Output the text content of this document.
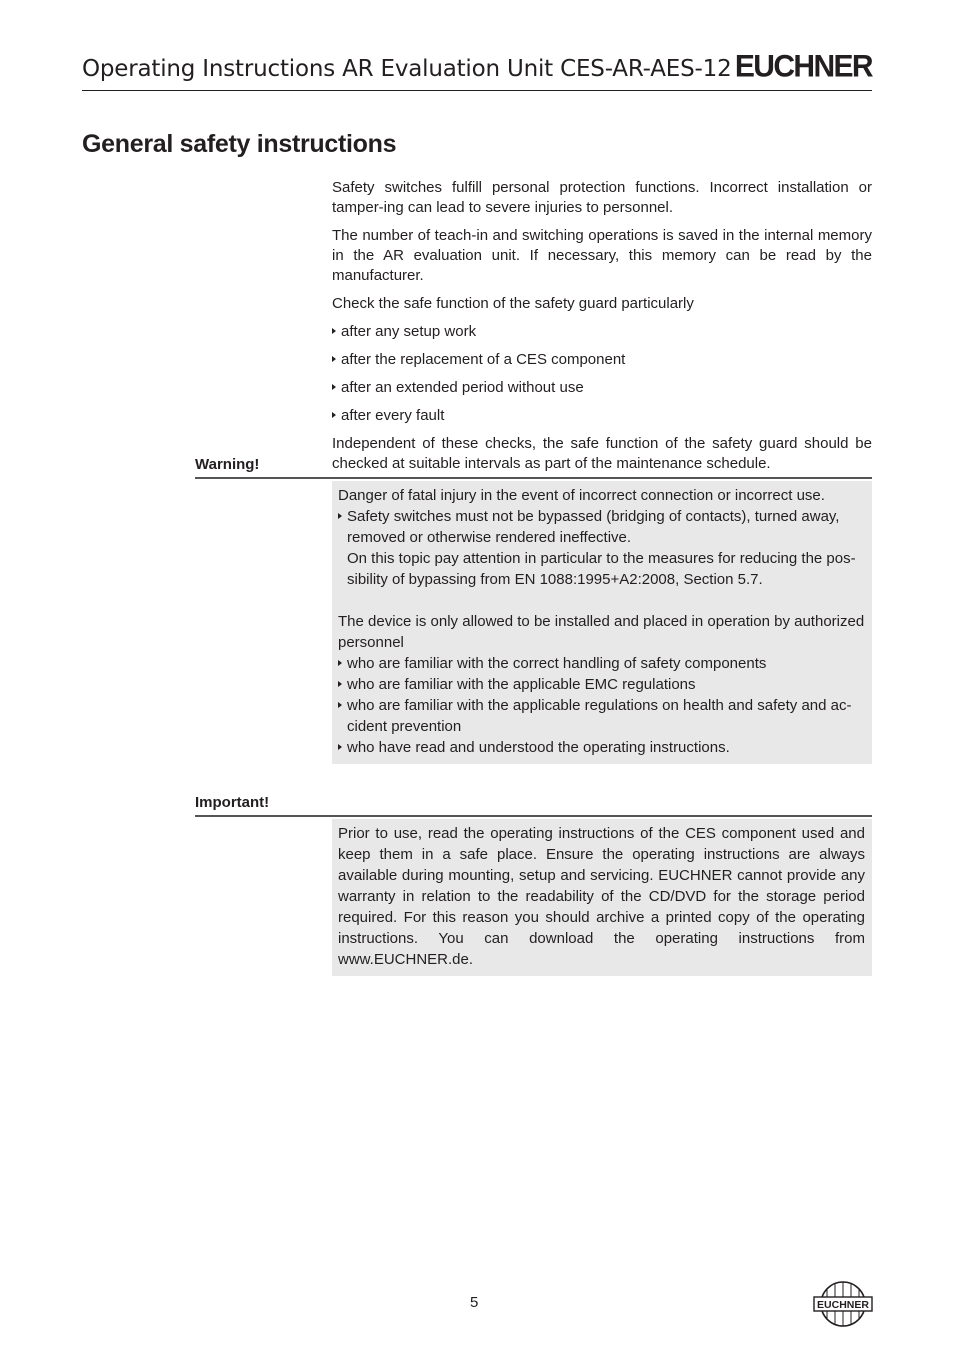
Operating Instructions AR Evaluation Unit CES-AR-AES-12 EUCHNER
General safety instructions

Safety switches fulfill personal protection functions. Incorrect installation or tamper-ing can lead to severe injuries to personnel.

The number of teach-in and switching operations is saved in the internal memory in the AR evaluation unit. If necessary, this memory can be read by the manufacturer.

Check the safe function of the safety guard particularly

after any setup work
after the replacement of a CES component
after an extended period without use
after every fault

Independent of these checks, the safe function of the safety guard should be checked at suitable intervals as part of the maintenance schedule.

Warning!
Danger of fatal injury in the event of incorrect connection or incorrect use.
Safety switches must not be bypassed (bridging of contacts), turned away, removed or otherwise rendered ineffective.
On this topic pay attention in particular to the measures for reducing the pos-sibility of bypassing from EN 1088:1995+A2:2008, Section 5.7.
The device is only allowed to be installed and placed in operation by authorized personnel
who are familiar with the correct handling of safety components
who are familiar with the applicable EMC regulations
who are familiar with the applicable regulations on health and safety and ac-cident prevention
who have read and understood the operating instructions.
Important!
Prior to use, read the operating instructions of the CES component used and keep them in a safe place. Ensure the operating instructions are always available during mounting, setup and servicing. EUCHNER cannot provide any warranty in relation to the readability of the CD/DVD for the storage period required. For this reason you should archive a printed copy of the operating instructions. You can download the operating instructions from www.EUCHNER.de.
5	EUCHNER
